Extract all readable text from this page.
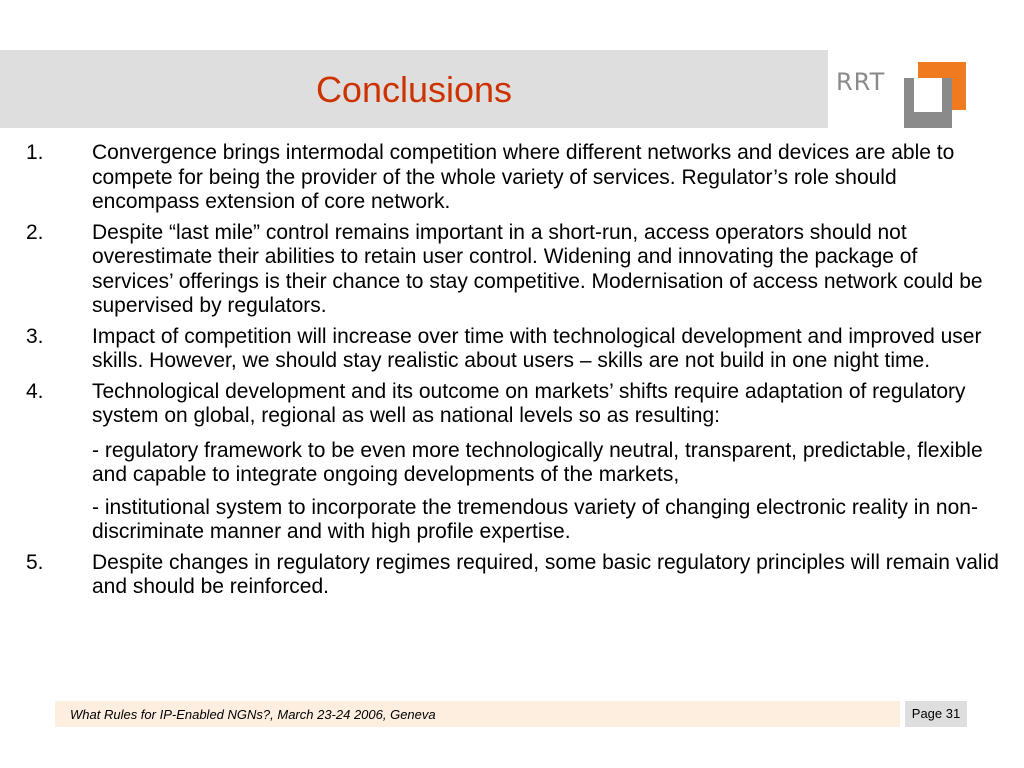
Conclusions	RRT
1. Convergence brings intermodal competition where different networks and devices are able to compete for being the provider of the whole variety of services. Regulator’s role should encompass extension of core network.
2. Despite “last mile” control remains important in a short-run, access operators should not overestimate their abilities to retain user control. Widening and innovating the package of services’ offerings is their chance to stay competitive. Modernisation of access network could be supervised by regulators.
3. Impact of competition will increase over time with technological development and improved user skills. However, we should stay realistic about users – skills are not build in one night time.
4. Technological development and its outcome on markets’ shifts require adaptation of regulatory system on global, regional as well as national levels so as resulting:
- regulatory framework to be even more technologically neutral, transparent, predictable, flexible and capable to integrate ongoing developments of the markets,
- institutional system to incorporate the tremendous variety of changing electronic reality in non-discriminate manner and with high profile expertise.
5. Despite changes in regulatory regimes required, some basic regulatory principles will remain valid and should be reinforced.
What Rules for IP-Enabled NGNs?, March 23-24 2006, Geneva	Page 31
